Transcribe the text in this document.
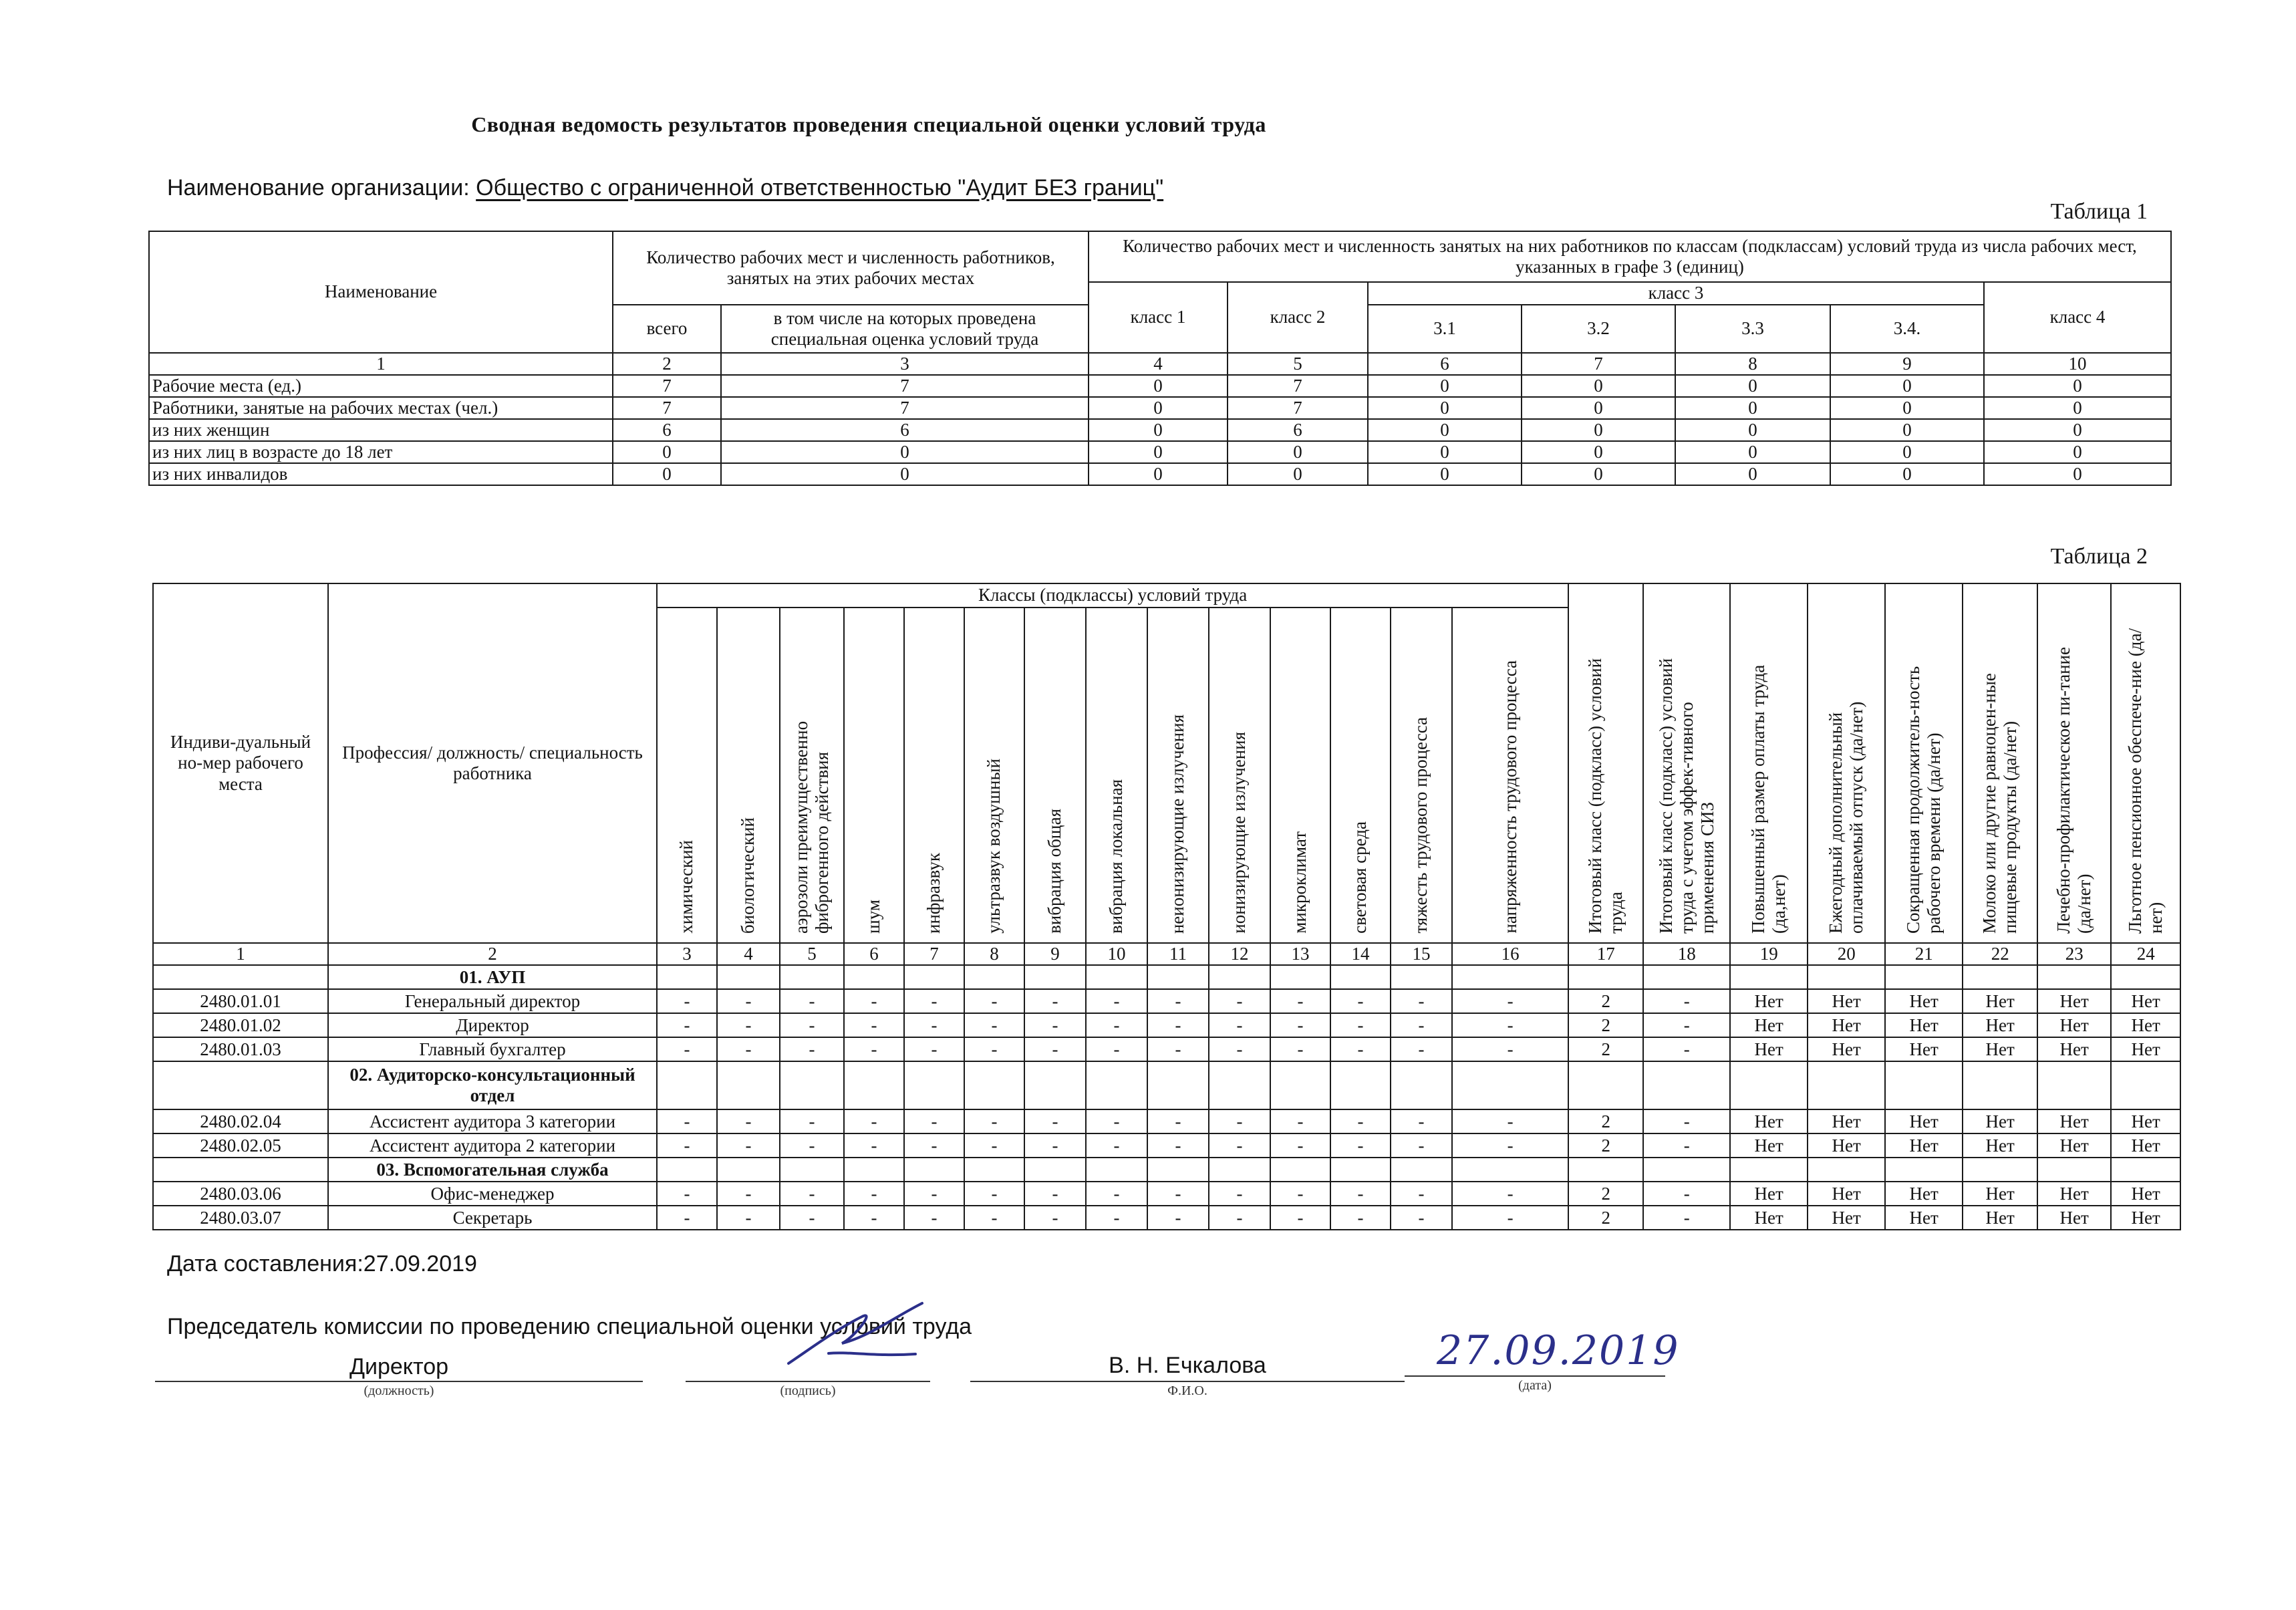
Сводная ведомость результатов проведения специальной оценки условий труда
Наименование организации: Общество с ограниченной ответственностью "Аудит БЕЗ границ"
Таблица 1
Наименование	Количество рабочих мест и численность работников, занятых на этих рабочих местах		Количество рабочих мест и численность занятых на них работников по классам (подклассам) условий труда из числа рабочих мест, указанных в графе 3 (единиц)						
			класс 1	класс 2	класс 3				класс 4
	всего	в том числе на которых проведена специальная оценка условий труда			3.1	3.2	3.3	3.4.	
1	2	3	4	5	6	7	8	9	10
Рабочие места (ед.)	7	7	0	7	0	0	0	0	0
Работники, занятые на рабочих местах (чел.)	7	7	0	7	0	0	0	0	0
из них женщин	6	6	0	6	0	0	0	0	0
из них лиц в возрасте до 18 лет	0	0	0	0	0	0	0	0	0
из них инвалидов	0	0	0	0	0	0	0	0	0
Таблица 2
Индиви-дуальный но-мер рабочего места	Профессия/ должность/ специальность работника	Классы (подклассы) условий труда														Итоговый класс (подкласс) условий труда	Итоговый класс (подкласс) условий труда с учетом эффек-тивного применения СИЗ	Повышенный размер оплаты труда (да,нет)	Ежегодный дополнительный оплачиваемый отпуск (да/нет)	Сокращенная продолжитель-ность рабочего времени (да/нет)	Молоко или другие равноцен-ные пищевые продукты (да/нет)	Лечебно-профилактическое пи-тание (да/нет)	Льготное пенсионное обеспече-ние (да/нет)
		химический	биологический	аэрозоли преимущественно фиброгенного действия	шум	инфразвук	ультразвук воздушный	вибрация общая	вибрация локальная	неионизирующие излучения	ионизирующие излучения	микроклимат	световая среда	тяжесть трудового процесса	напряженность трудового процесса								
1	2	3	4	5	6	7	8	9	10	11	12	13	14	15	16	17	18	19	20	21	22	23	24
	01. АУП																						
2480.01.01	Генеральный директор	-	-	-	-	-	-	-	-	-	-	-	-	-	-	2	-	Нет	Нет	Нет	Нет	Нет	Нет
2480.01.02	Директор	-	-	-	-	-	-	-	-	-	-	-	-	-	-	2	-	Нет	Нет	Нет	Нет	Нет	Нет
2480.01.03	Главный бухгалтер	-	-	-	-	-	-	-	-	-	-	-	-	-	-	2	-	Нет	Нет	Нет	Нет	Нет	Нет
	02. Аудиторско-консультационный отдел																						
2480.02.04	Ассистент аудитора 3 категории	-	-	-	-	-	-	-	-	-	-	-	-	-	-	2	-	Нет	Нет	Нет	Нет	Нет	Нет
2480.02.05	Ассистент аудитора 2 категории	-	-	-	-	-	-	-	-	-	-	-	-	-	-	2	-	Нет	Нет	Нет	Нет	Нет	Нет
	03. Вспомогательная служба																						
2480.03.06	Офис-менеджер	-	-	-	-	-	-	-	-	-	-	-	-	-	-	2	-	Нет	Нет	Нет	Нет	Нет	Нет
2480.03.07	Секретарь	-	-	-	-	-	-	-	-	-	-	-	-	-	-	2	-	Нет	Нет	Нет	Нет	Нет	Нет
Дата составления:27.09.2019
Председатель комиссии по проведению специальной оценки условий труда
Директор
(должность)	(подпись)
В. Н. Ечкалова
Ф.И.О.
27.09.2019
(дата)
